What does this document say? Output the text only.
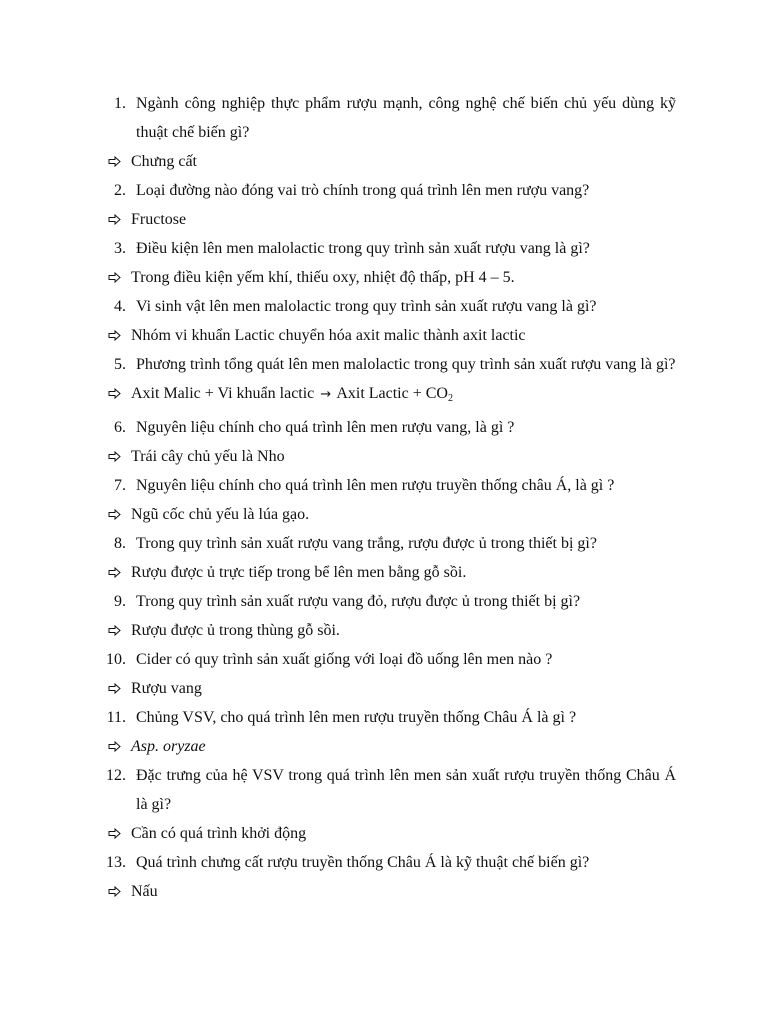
1. Ngành công nghiệp thực phẩm rượu mạnh, công nghệ chế biến chủ yếu dùng kỹ thuật chế biến gì?
Chưng cất
2. Loại đường nào đóng vai trò chính trong quá trình lên men rượu vang?
Fructose
3. Điều kiện lên men malolactic trong quy trình sản xuất rượu vang là gì?
Trong điều kiện yếm khí, thiếu oxy, nhiệt độ thấp, pH 4 – 5.
4. Vi sinh vật lên men malolactic trong quy trình sản xuất rượu vang là gì?
Nhóm vi khuẩn Lactic chuyển hóa axit malic thành axit lactic
5. Phương trình tổng quát lên men malolactic trong quy trình sản xuất rượu vang là gì?
Axit Malic + Vi khuẩn lactic → Axit Lactic + $CO_2$
6. Nguyên liệu chính cho quá trình lên men rượu vang, là gì ?
Trái cây chủ yếu là Nho
7. Nguyên liệu chính cho quá trình lên men rượu truyền thống châu Á, là gì ?
Ngũ cốc chủ yếu là lúa gạo.
8. Trong quy trình sản xuất rượu vang trắng, rượu được ủ trong thiết bị gì?
Rượu được ủ trực tiếp trong bể lên men bằng gỗ sồi.
9. Trong quy trình sản xuất rượu vang đỏ, rượu được ủ trong thiết bị gì?
Rượu được ủ trong thùng gỗ sồi.
10. Cider có quy trình sản xuất giống với loại đồ uống lên men nào ?
Rượu vang
11. Chủng VSV, cho quá trình lên men rượu truyền thống Châu Á là gì ?
Asp. oryzae
12. Đặc trưng của hệ VSV trong quá trình lên men sản xuất rượu truyền thống Châu Á là gì?
Cần có quá trình khởi động
13. Quá trình chưng cất rượu truyền thống Châu Á là kỹ thuật chế biến gì?
Nấu
